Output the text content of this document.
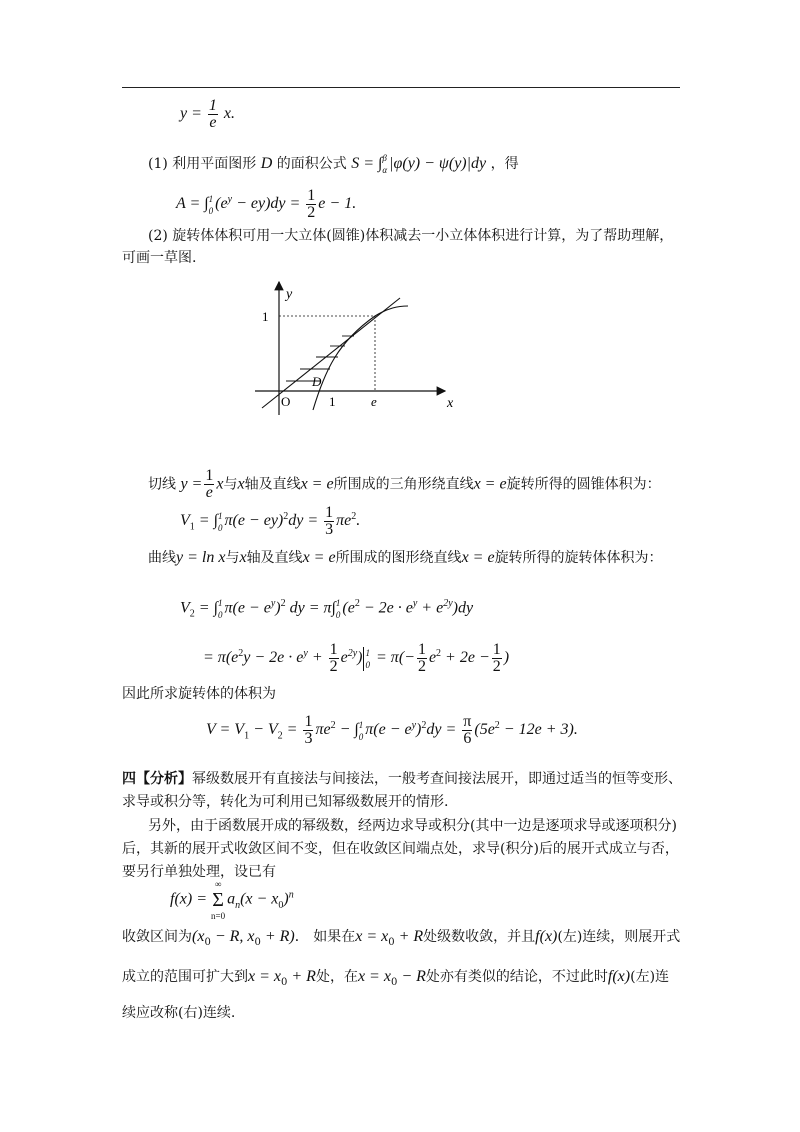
$y = \frac{1}{e} x$.
(1) 利用平面图形 D 的面积公式 S = ∫ β
α |φ(y) − ψ(y)|dy ，得
A = ∫ 1
0 $(e^y - ey)dy = \frac{1}{2}$ e − 1.
(2) 旋转体体积可用一大立体(圆锥)体积减去一小立体体积进行计算，为了帮助理解，
可画一草图.
y
x
1
O	1	e
D
切线 $y = \frac{1}{e}$ x与x轴及直线x = e所围成的三角形绕直线x = e旋转所得的圆锥体积为：
$V_1$ = ∫ 1
0 $\pi(e - ey)^2dy = \frac{1}{3} \pi e^2$.
曲线y = ln x与x轴及直线x = e所围成的图形绕直线x = e旋转所得的旋转体体积为：
$V_2$ = ∫ 1
0 $\pi(e - e^y)^2$ dy = π∫ 1
0 $(e^2 - 2e \cdot e^y + e^{2y})dy$
= $\pi(e^2y - 2e \cdot e^y + \frac{1}{2} e^{2y})$ 1
$0 = \pi(- \frac{1}{2} e^2 + 2e - \frac{1}{2}$ )
因此所求旋转体的体积为
$V = V_1 - V_2 = \frac{1}{3} \pi e^2$ − ∫ 1
0 $\pi(e - e^y)^2dy = \frac{\pi}{6} (5e^2 - 12e + 3)$.
四【分析】幂级数展开有直接法与间接法，一般考查间接法展开，即通过适当的恒等变形、
求导或积分等，转化为可利用已知幂级数展开的情形.
另外，由于函数展开成的幂级数，经两边求导或积分(其中一边是逐项求导或逐项积分)
后，其新的展开式收敛区间不变，但在收敛区间端点处，求导(积分)后的展开式成立与否，
要另行单独处理，设已有
f(x) =
∞
Σ
n=0
$a_n(x - x_0)^n$
收敛区间为($x_0 - R$, $x_0 + R$)． 如果在$x = x_0 + R$处级数收敛，并且f(x)(左)连续，则展开式
成立的范围可扩大到$x = x_0 + R$处，在$x = x_0 - R$处亦有类似的结论，不过此时f(x)(左)连
续应改称(右)连续.
